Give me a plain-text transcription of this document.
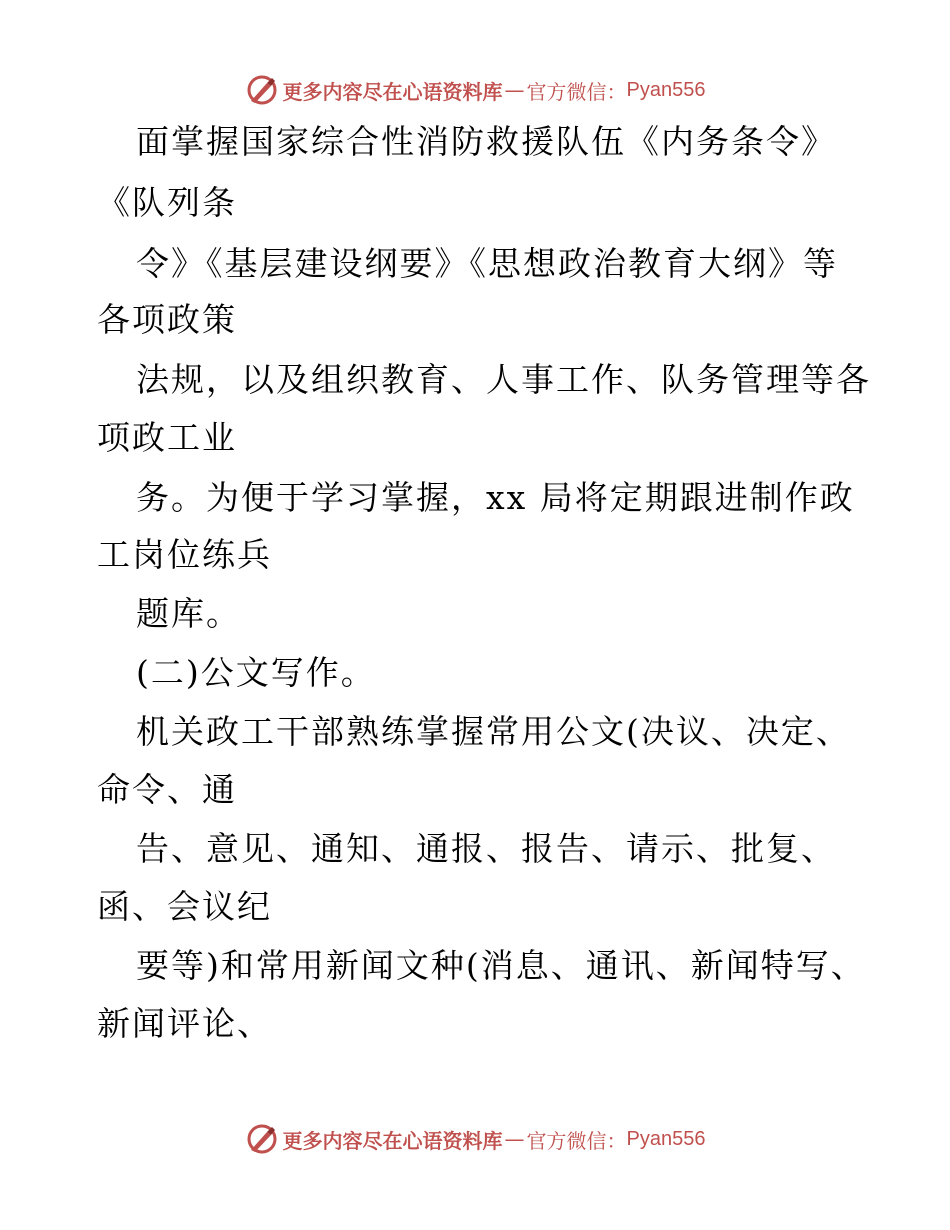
更多内容尽在心语资料库 — 官方微信： Pyan556
面掌握国家综合性消防救援队伍《内务条令》
《队列条
令》《基层建设纲要》《思想政治教育大纲》等
各项政策
法规，以及组织教育、人事工作、队务管理等各
项政工业
务。为便于学习掌握，xx 局将定期跟进制作政
工岗位练兵
题库。
(二)公文写作。
机关政工干部熟练掌握常用公文(决议、决定、
命令、通
告、意见、通知、通报、报告、请示、批复、
函、会议纪
要等)和常用新闻文种(消息、通讯、新闻特写、
新闻评论、
更多内容尽在心语资料库 — 官方微信： Pyan556
